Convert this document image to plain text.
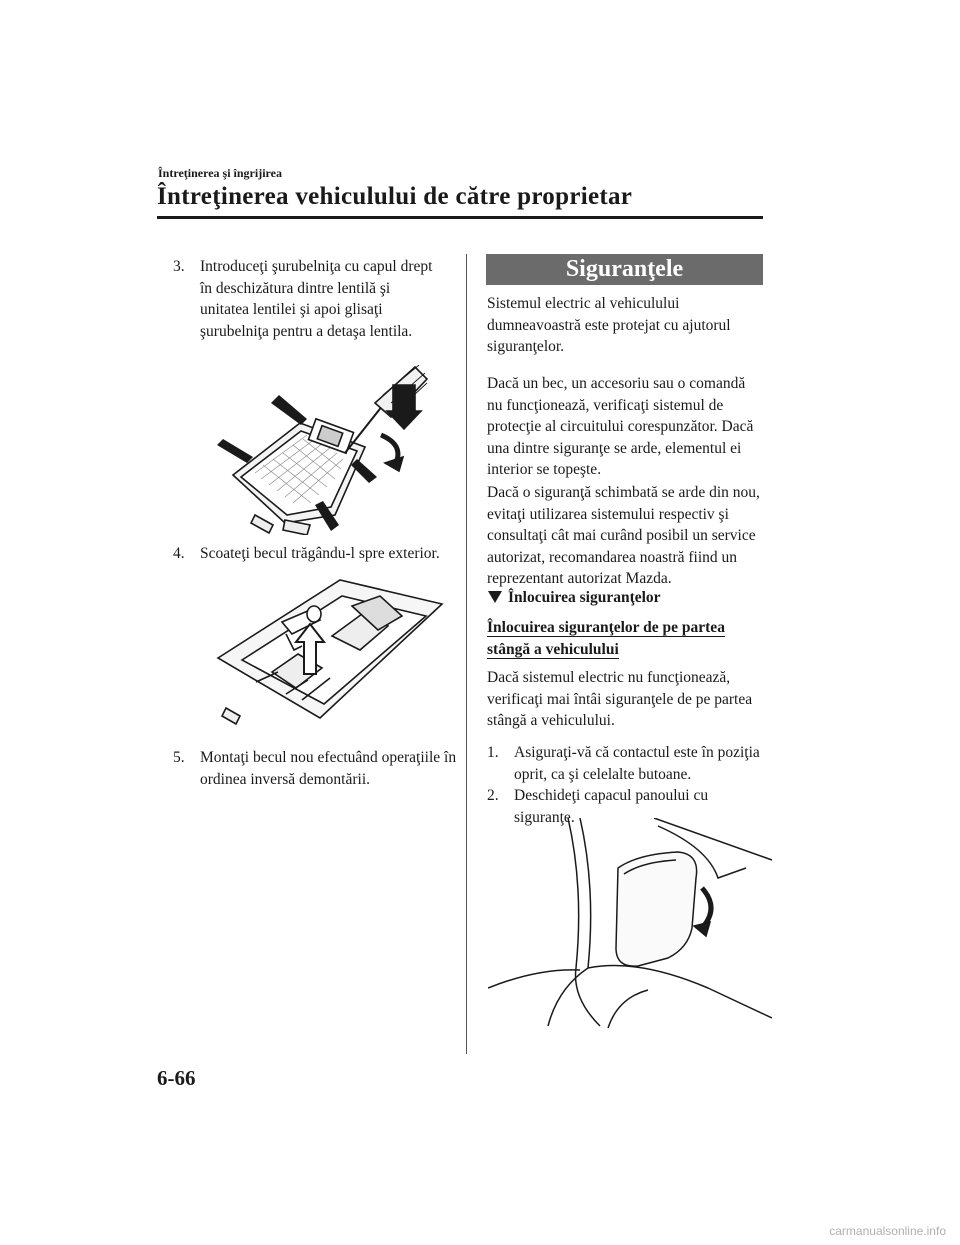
Întreţinerea şi îngrijirea
Întreţinerea vehiculului de către proprietar
3. Introduceţi şurubelniţa cu capul drept în deschizătura dintre lentilă şi unitatea lentilei şi apoi glisaţi şurubelniţa pentru a detaşa lentila.
4. Scoateţi becul trăgându-l spre exterior.
5. Montaţi becul nou efectuând operaţiile în ordinea inversă demontării.
Siguranţele
Sistemul electric al vehiculului dumneavoastră este protejat cu ajutorul siguranţelor.
Dacă un bec, un accesoriu sau o comandă nu funcţionează, verificaţi sistemul de protecţie al circuitului corespunzător. Dacă una dintre siguranţe se arde, elementul ei interior se topeşte.
Dacă o siguranţă schimbată se arde din nou, evitaţi utilizarea sistemului respectiv şi consultaţi cât mai curând posibil un service autorizat, recomandarea noastră fiind un reprezentant autorizat Mazda.
Înlocuirea siguranţelor
Înlocuirea siguranţelor de pe partea
stângă a vehiculului
Dacă sistemul electric nu funcţionează, verificaţi mai întâi siguranţele de pe partea stângă a vehiculului.
1. Asiguraţi-vă că contactul este în poziţia oprit, ca şi celelalte butoane.
2. Deschideţi capacul panoului cu siguranţe.
6-66
carmanualsonline.info
